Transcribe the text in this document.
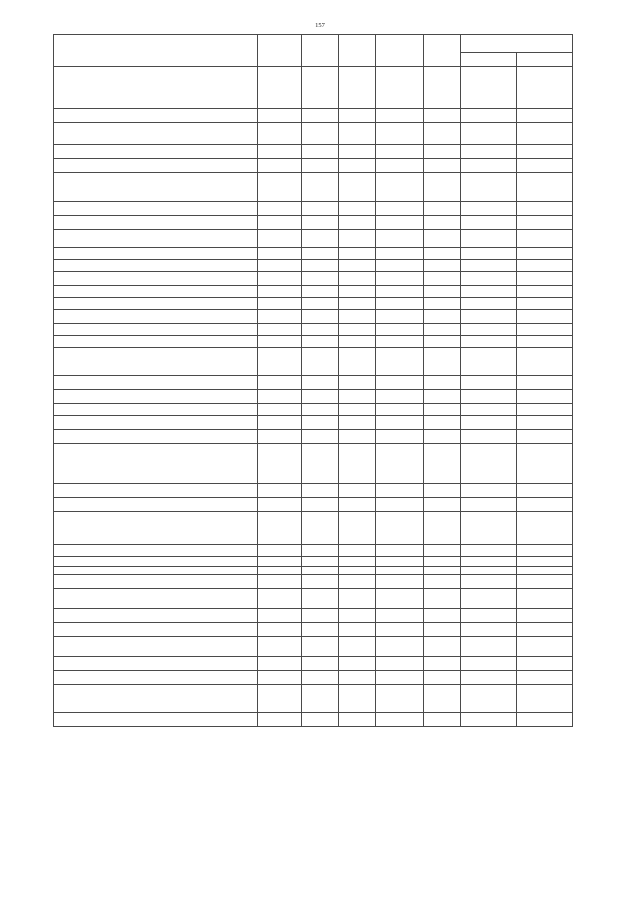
157
